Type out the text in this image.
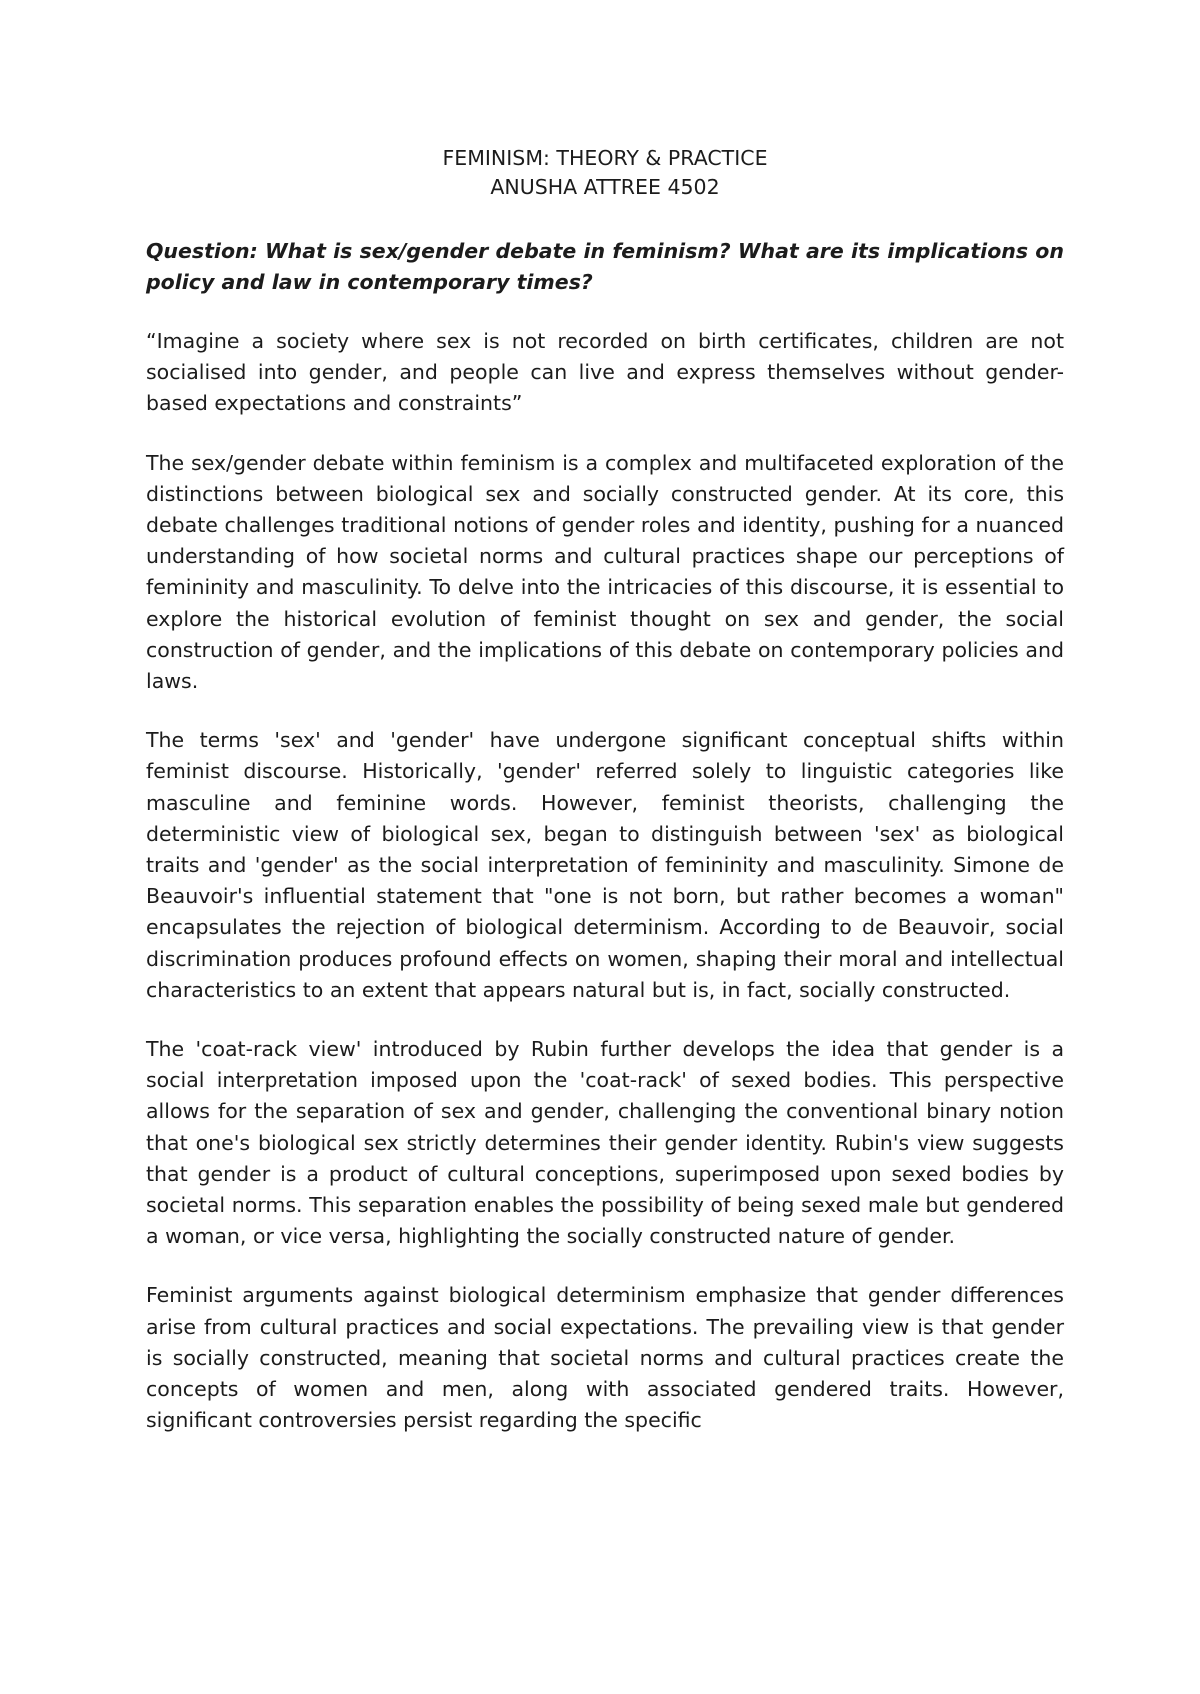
FEMINISM: THEORY & PRACTICE

ANUSHA ATTREE 4502

Question: What is sex/gender debate in feminism? What are its implications on policy and law in contemporary times?

“Imagine a society where sex is not recorded on birth certificates, children are not socialised into gender, and people can live and express themselves without gender-based expectations and constraints”

The sex/gender debate within feminism is a complex and multifaceted exploration of the distinctions between biological sex and socially constructed gender. At its core, this debate challenges traditional notions of gender roles and identity, pushing for a nuanced understanding of how societal norms and cultural practices shape our perceptions of femininity and masculinity. To delve into the intricacies of this discourse, it is essential to explore the historical evolution of feminist thought on sex and gender, the social construction of gender, and the implications of this debate on contemporary policies and laws.

The terms 'sex' and 'gender' have undergone significant conceptual shifts within feminist discourse. Historically, 'gender' referred solely to linguistic categories like masculine and feminine words. However, feminist theorists, challenging the deterministic view of biological sex, began to distinguish between 'sex' as biological traits and 'gender' as the social interpretation of femininity and masculinity. Simone de Beauvoir's influential statement that "one is not born, but rather becomes a woman" encapsulates the rejection of biological determinism. According to de Beauvoir, social discrimination produces profound effects on women, shaping their moral and intellectual characteristics to an extent that appears natural but is, in fact, socially constructed.

The 'coat-rack view' introduced by Rubin further develops the idea that gender is a social interpretation imposed upon the 'coat-rack' of sexed bodies. This perspective allows for the separation of sex and gender, challenging the conventional binary notion that one's biological sex strictly determines their gender identity. Rubin's view suggests that gender is a product of cultural conceptions, superimposed upon sexed bodies by societal norms. This separation enables the possibility of being sexed male but gendered a woman, or vice versa, highlighting the socially constructed nature of gender.

Feminist arguments against biological determinism emphasize that gender differences arise from cultural practices and social expectations. The prevailing view is that gender is socially constructed, meaning that societal norms and cultural practices create the concepts of women and men, along with associated gendered traits. However, significant controversies persist regarding the specific
